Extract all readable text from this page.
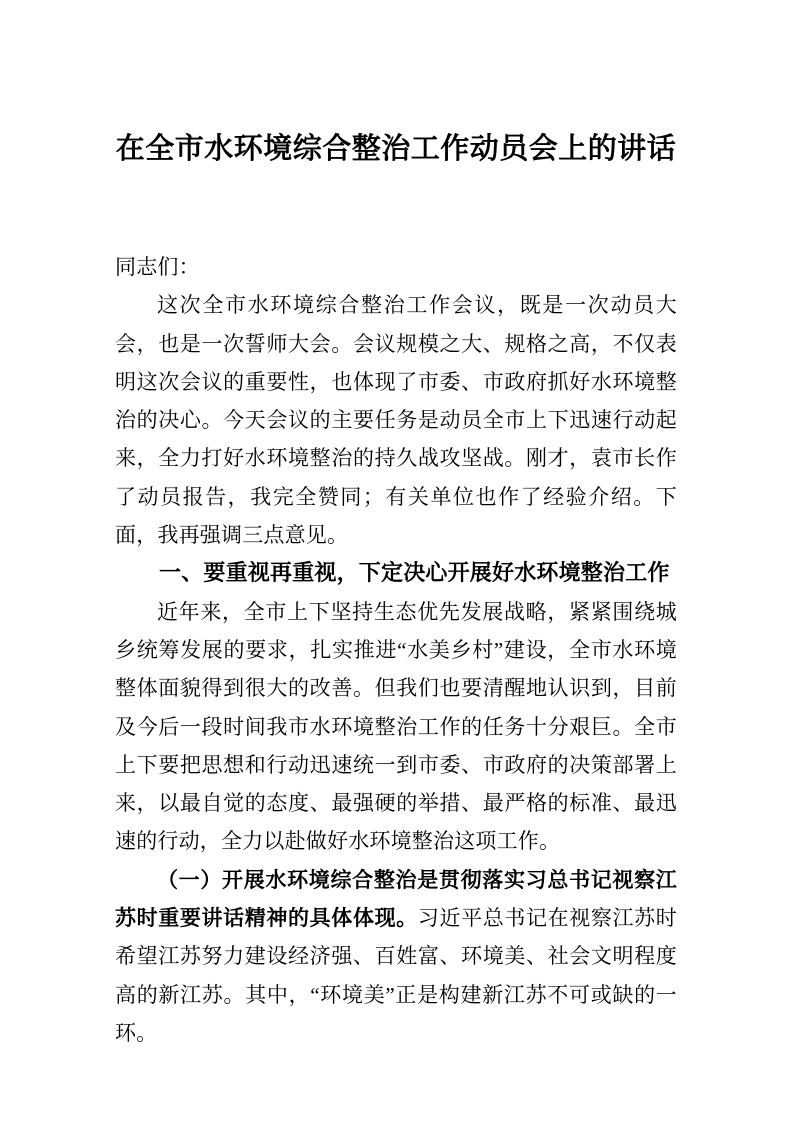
在全市水环境综合整治工作动员会上的讲话

同志们：

这次全市水环境综合整治工作会议，既是一次动员大会，也是一次誓师大会。会议规模之大、规格之高，不仅表明这次会议的重要性，也体现了市委、市政府抓好水环境整治的决心。今天会议的主要任务是动员全市上下迅速行动起来，全力打好水环境整治的持久战攻坚战。刚才，袁市长作了动员报告，我完全赞同；有关单位也作了经验介绍。下面，我再强调三点意见。

一、要重视再重视，下定决心开展好水环境整治工作

近年来，全市上下坚持生态优先发展战略，紧紧围绕城乡统筹发展的要求，扎实推进“水美乡村”建设，全市水环境整体面貌得到很大的改善。但我们也要清醒地认识到，目前及今后一段时间我市水环境整治工作的任务十分艰巨。全市上下要把思想和行动迅速统一到市委、市政府的决策部署上来，以最自觉的态度、最强硬的举措、最严格的标准、最迅速的行动，全力以赴做好水环境整治这项工作。

（一）开展水环境综合整治是贯彻落实习总书记视察江苏时重要讲话精神的具体体现。习近平总书记在视察江苏时希望江苏努力建设经济强、百姓富、环境美、社会文明程度高的新江苏。其中，“环境美”正是构建新江苏不可或缺的一环。
